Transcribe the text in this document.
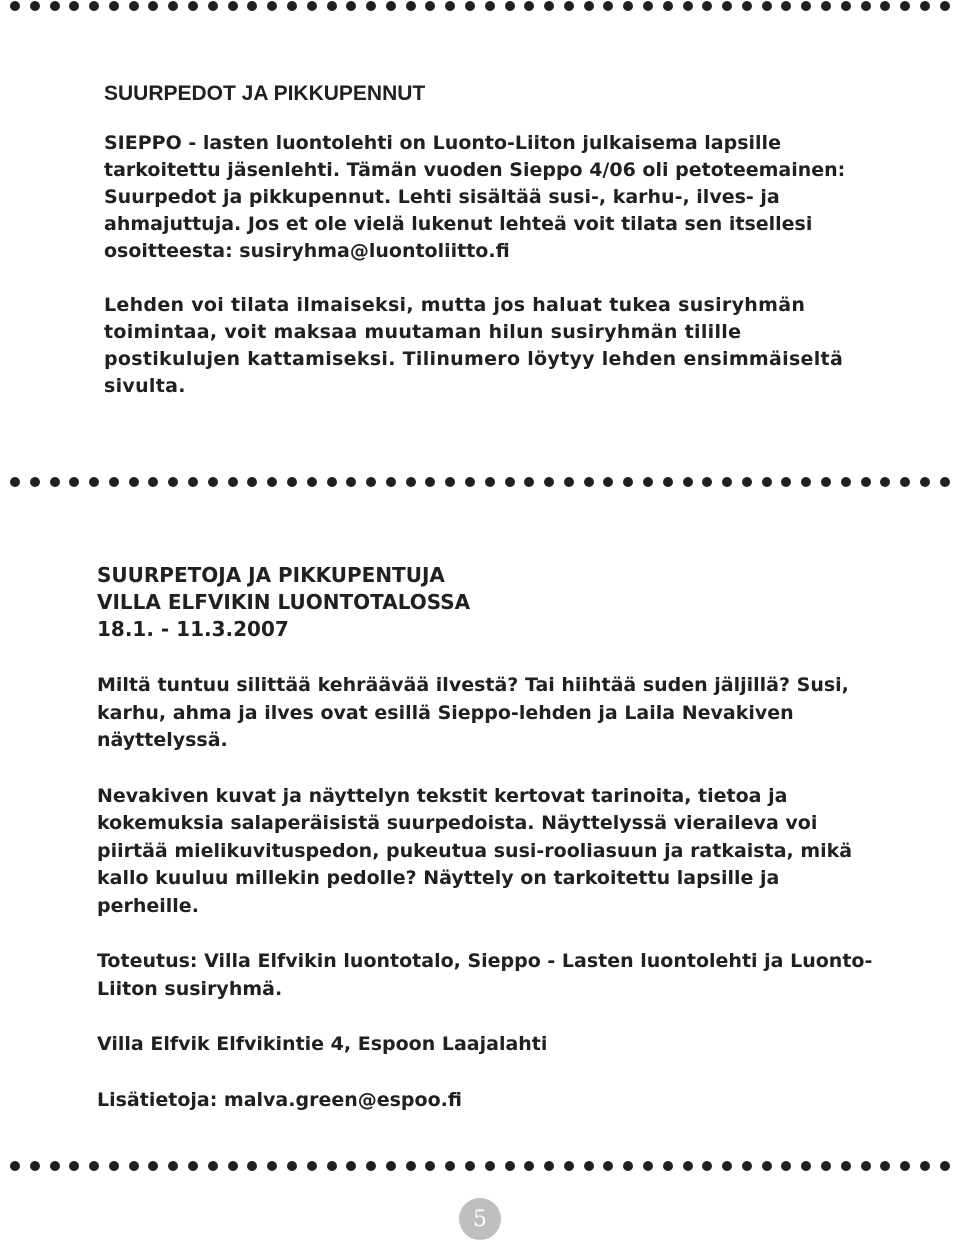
SUURPEDOT JA PIKKUPENNUT

SIEPPO - lasten luontolehti on Luonto-Liiton julkaisema lapsille tarkoitettu jäsenlehti. Tämän vuoden Sieppo 4/06 oli petoteemainen: Suurpedot ja pikkupennut. Lehti sisältää susi-, karhu-, ilves- ja ahmajuttuja. Jos et ole vielä lukenut lehteä voit tilata sen itsellesi osoitteesta: susiryhma@luontoliitto.fi

Lehden voi tilata ilmaiseksi, mutta jos haluat tukea susiryhmän toimintaa, voit maksaa muutaman hilun susiryhmän tilille postikulujen kattamiseksi. Tilinumero löytyy lehden ensimmäiseltä sivulta.

SUURPETOJA JA PIKKUPENTUJA
VILLA ELFVIKIN LUONTOTALOSSA
18.1. - 11.3.2007

Miltä tuntuu silittää kehräävää ilvestä? Tai hiihtää suden jäljillä? Susi, karhu, ahma ja ilves ovat esillä Sieppo-lehden ja Laila Nevakiven näyttelyssä.

Nevakiven kuvat ja näyttelyn tekstit kertovat tarinoita, tietoa ja kokemuksia salaperäisistä suurpedoista. Näyttelyssä vieraileva voi piirtää mielikuvituspedon, pukeutua susi-rooliasuun ja ratkaista, mikä kallo kuuluu millekin pedolle? Näyttely on tarkoitettu lapsille ja perheille.

Toteutus: Villa Elfvikin luontotalo, Sieppo - Lasten luontolehti ja Luonto-Liiton susiryhmä.

Villa Elfvik Elfvikintie 4, Espoon Laajalahti

Lisätietoja: malva.green@espoo.fi

5
